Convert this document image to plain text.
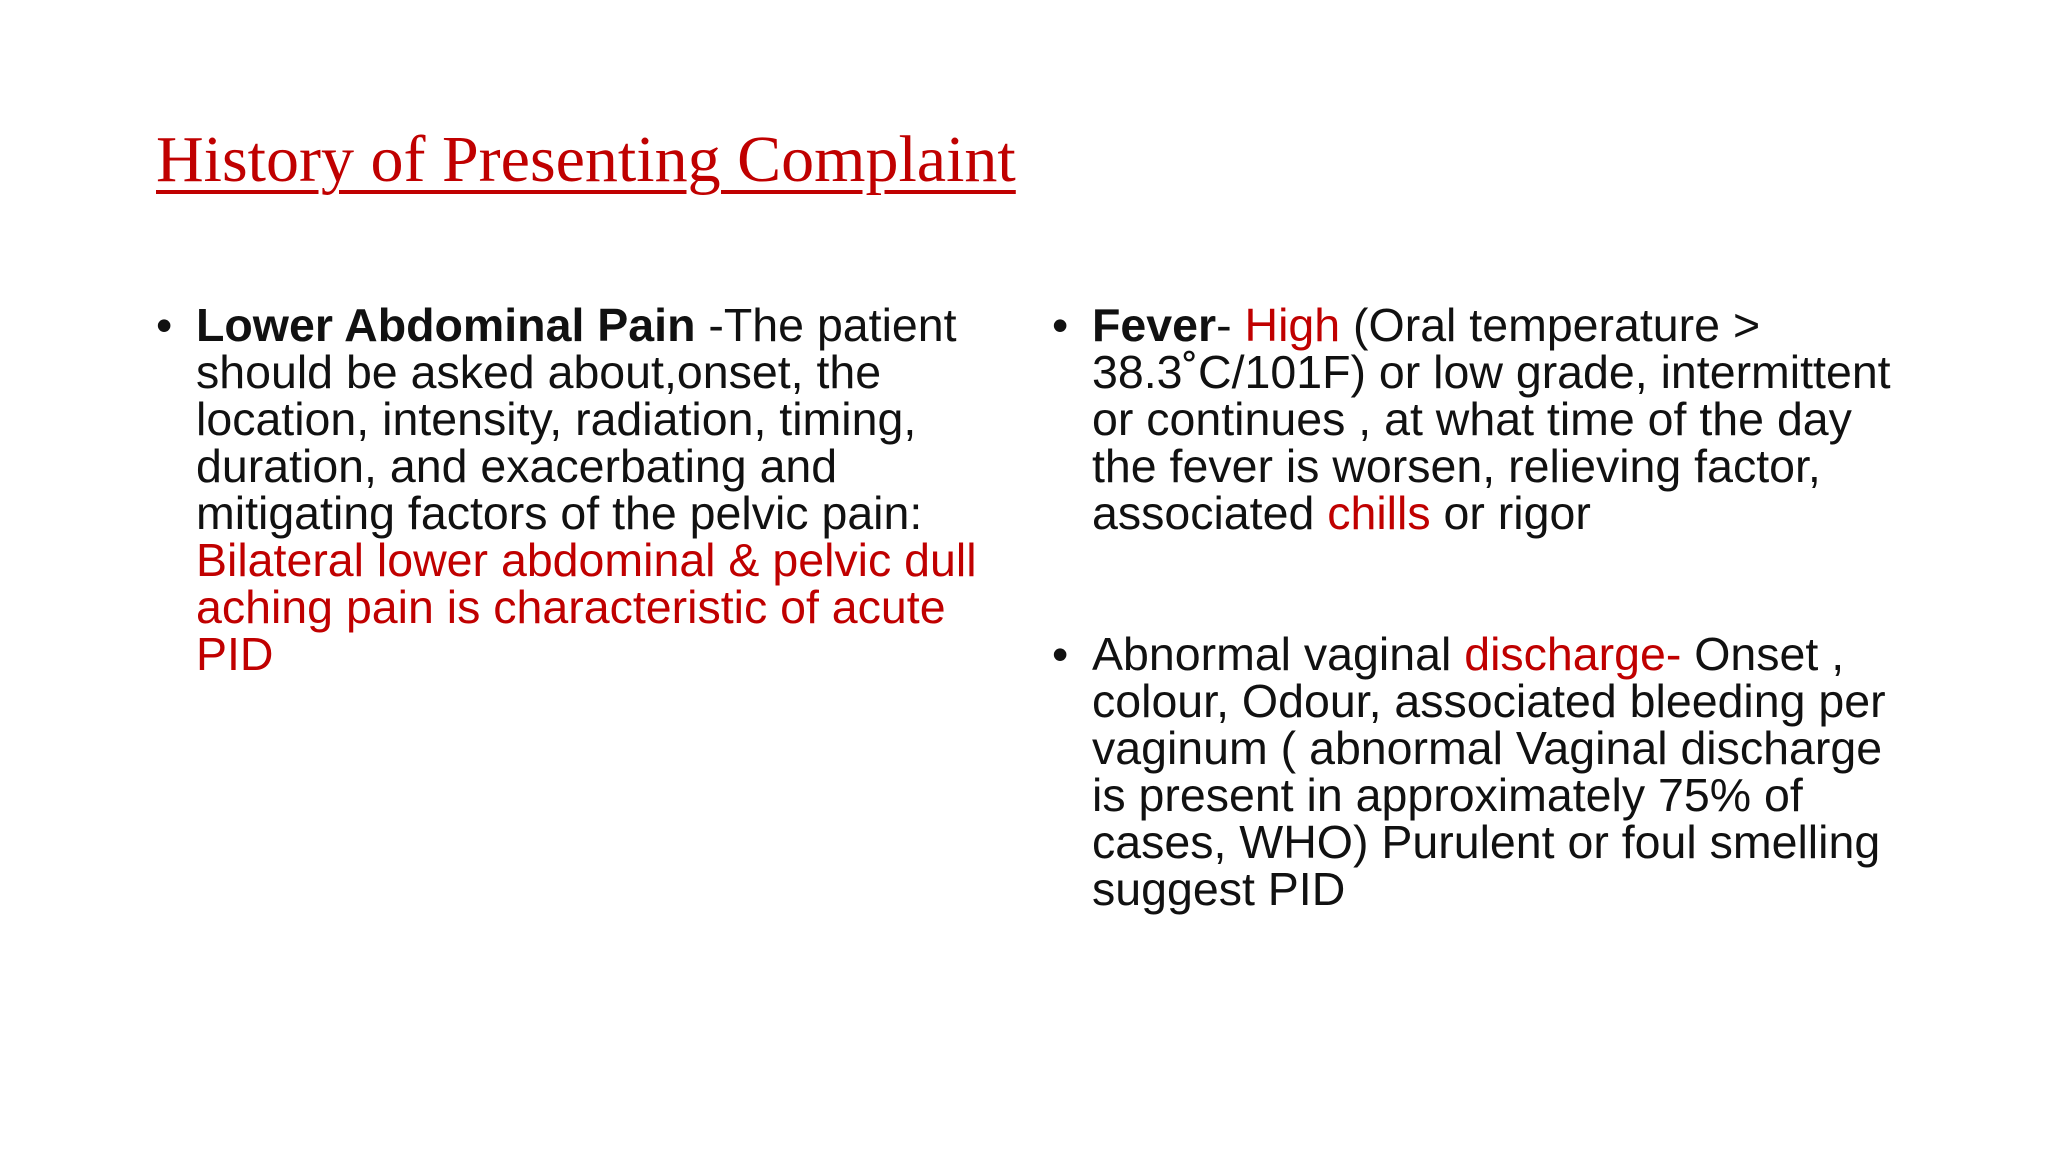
History of Presenting Complaint
• Lower Abdominal Pain -The patient should be asked about,onset, the location, intensity, radiation, timing, duration, and exacerbating and mitigating factors of the pelvic pain: Bilateral lower abdominal & pelvic dull aching pain is characteristic of acute PID
• Fever- High (Oral temperature > 38.3˚C/101F) or low grade, intermittent or continues , at what time of the day the fever is worsen, relieving factor, associated chills or rigor
• Abnormal vaginal discharge- Onset , colour, Odour, associated bleeding per vaginum ( abnormal Vaginal discharge is present in approximately 75% of cases, WHO) Purulent or foul smelling suggest PID
